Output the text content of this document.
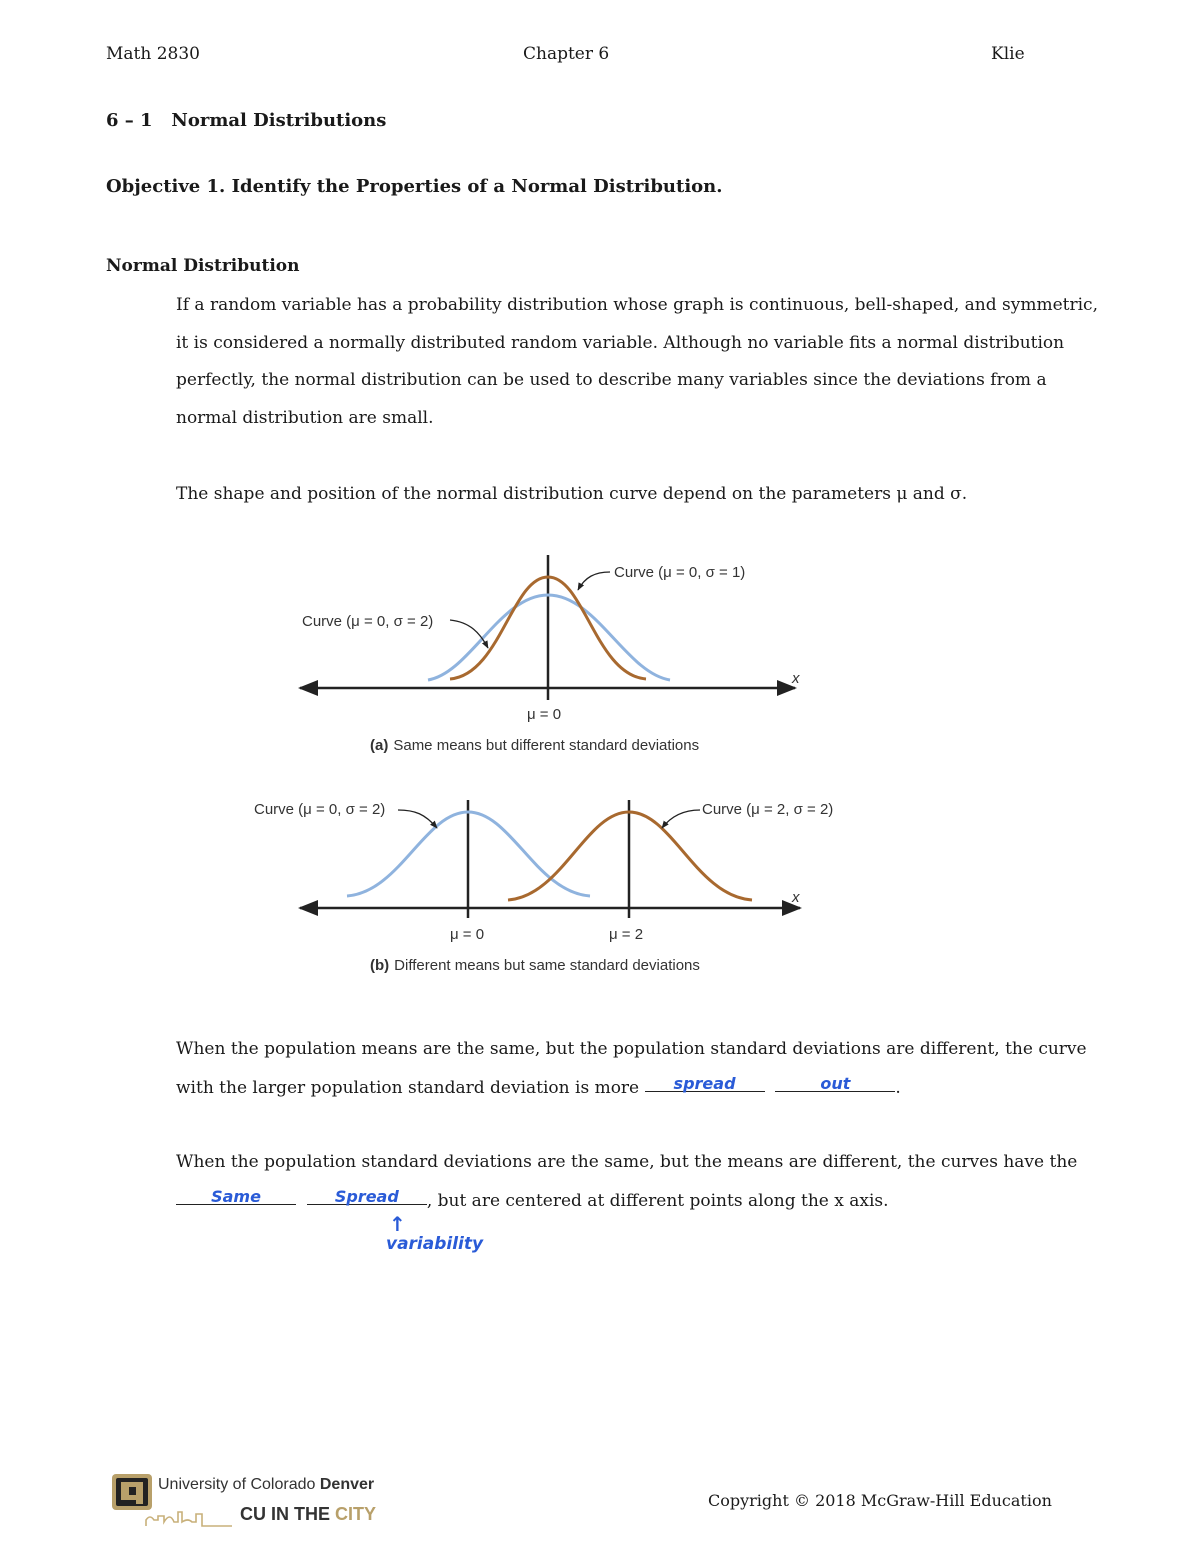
Math 2830	Chapter 6	Klie
6 – 1   Normal Distributions
Objective 1. Identify the Properties of a Normal Distribution.
Normal Distribution
If a random variable has a probability distribution whose graph is continuous, bell-shaped, and symmetric, it is considered a normally distributed random variable. Although no variable fits a normal distribution perfectly, the normal distribution can be used to describe many variables since the deviations from a normal distribution are small.
The shape and position of the normal distribution curve depend on the parameters μ and σ.
Curve (μ = 0, σ = 1)
Curve (μ = 0, σ = 2)
x
μ = 0
(a) Same means but different standard deviations
Curve (μ = 0, σ = 2)	Curve (μ = 2, σ = 2)
x
μ = 0	μ = 2
(b) Different means but same standard deviations
When the population means are the same, but the population standard deviations are different, the curve with the larger population standard deviation is more spread	out	.
When the population standard deviations are the same, but the means are different, the curves have the Same	Spread , but are centered at different points along the x axis.
↑
variability
University of Colorado Denver
CU IN THE CITY
Copyright © 2018 McGraw-Hill Education
